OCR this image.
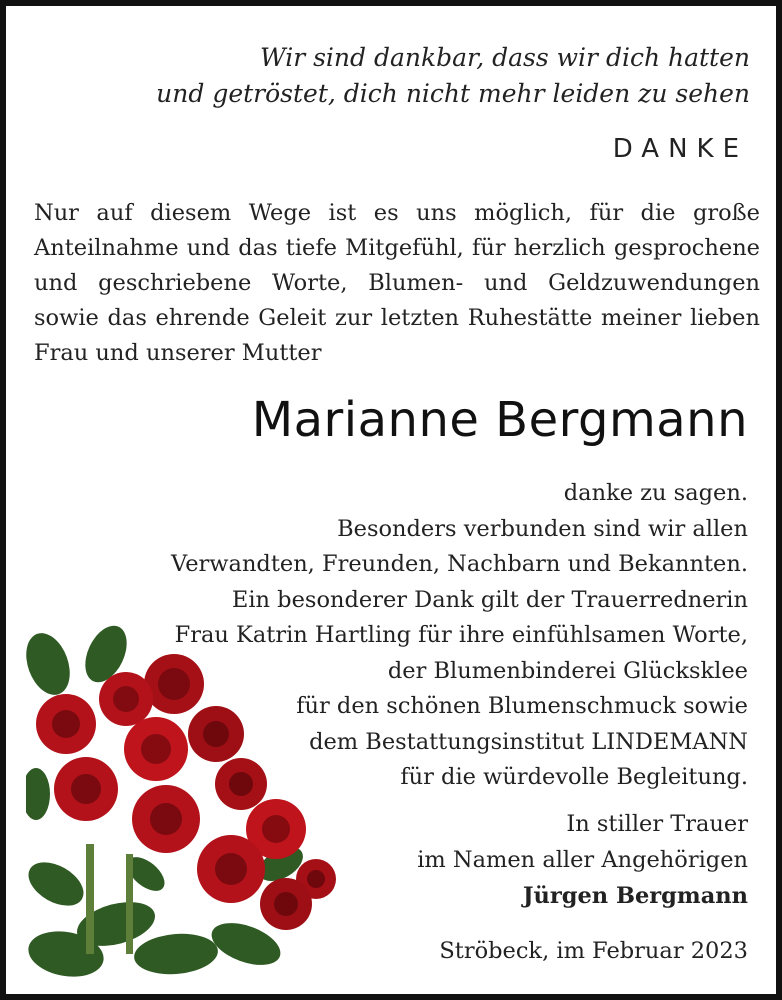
Wir sind dankbar, dass wir dich hatten
und getröstet, dich nicht mehr leiden zu sehen
DANKE
Nur auf diesem Wege ist es uns möglich, für die große Anteilnahme und das tiefe Mitgefühl, für herzlich gesprochene und geschriebene Worte, Blumen- und Geldzuwendungen sowie das ehrende Geleit zur letzten Ruhestätte meiner lieben Frau und unserer Mutter
Marianne Bergmann
danke zu sagen.
Besonders verbunden sind wir allen
Verwandten, Freunden, Nachbarn und Bekannten.
Ein besonderer Dank gilt der Trauerrednerin
Frau Katrin Hartling für ihre einfühlsamen Worte,
der Blumenbinderei Glücksklee
für den schönen Blumenschmuck sowie
dem Bestattungsinstitut LINDEMANN
für die würdevolle Begleitung.
In stiller Trauer
im Namen aller Angehörigen
Jürgen Bergmann
Ströbeck, im Februar 2023
